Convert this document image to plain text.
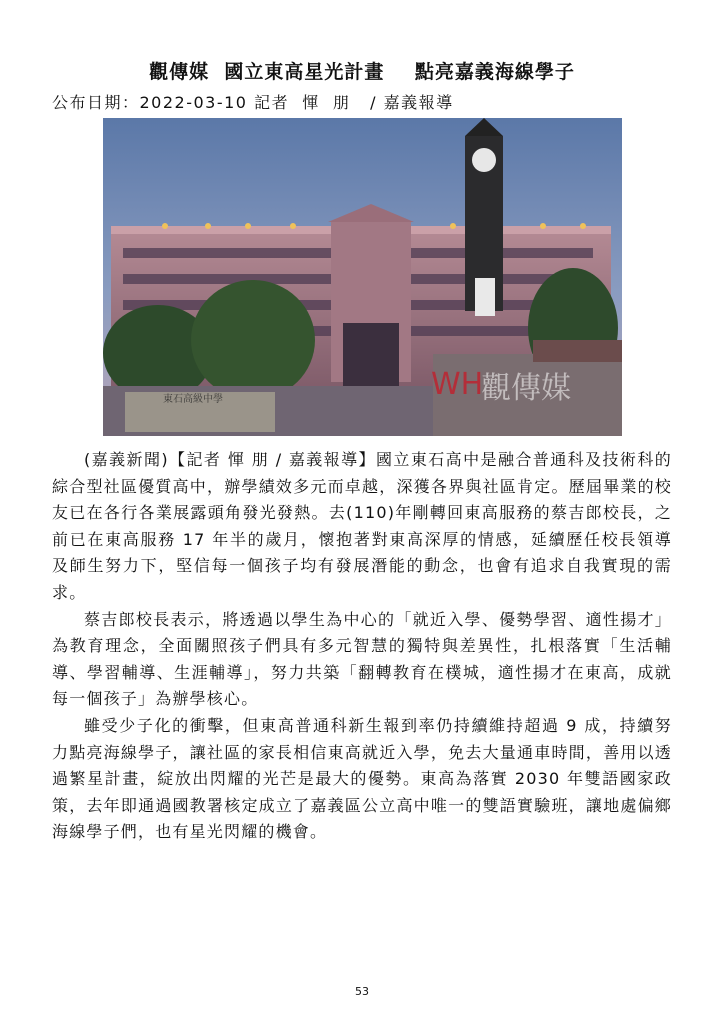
觀傳媒  國立東高星光計畫    點亮嘉義海線學子
公布日期：2022-03-10 記者  惲  朋   / 嘉義報導
WH
觀傳媒
東石高級中學

(嘉義新聞)【記者 惲 朋 / 嘉義報導】國立東石高中是融合普通科及技術科的綜合型社區優質高中，辦學績效多元而卓越，深獲各界與社區肯定。歷屆畢業的校友已在各行各業展露頭角發光發熱。去(110)年剛轉回東高服務的蔡吉郎校長，之前已在東高服務 17 年半的歲月，懷抱著對東高深厚的情感，延續歷任校長領導及師生努力下，堅信每一個孩子均有發展潛能的動念，也會有追求自我實現的需求。

蔡吉郎校長表示，將透過以學生為中心的「就近入學、優勢學習、適性揚才」為教育理念，全面關照孩子們具有多元智慧的獨特與差異性，扎根落實「生活輔導、學習輔導、生涯輔導」，努力共築「翻轉教育在樸城，適性揚才在東高，成就每一個孩子」為辦學核心。

雖受少子化的衝擊，但東高普通科新生報到率仍持續維持超過 9 成，持續努力點亮海線學子，讓社區的家長相信東高就近入學，免去大量通車時間，善用以透過繁星計畫，綻放出閃耀的光芒是最大的優勢。東高為落實 2030 年雙語國家政策，去年即通過國教署核定成立了嘉義區公立高中唯一的雙語實驗班，讓地處偏鄉海線學子們，也有星光閃耀的機會。

53
